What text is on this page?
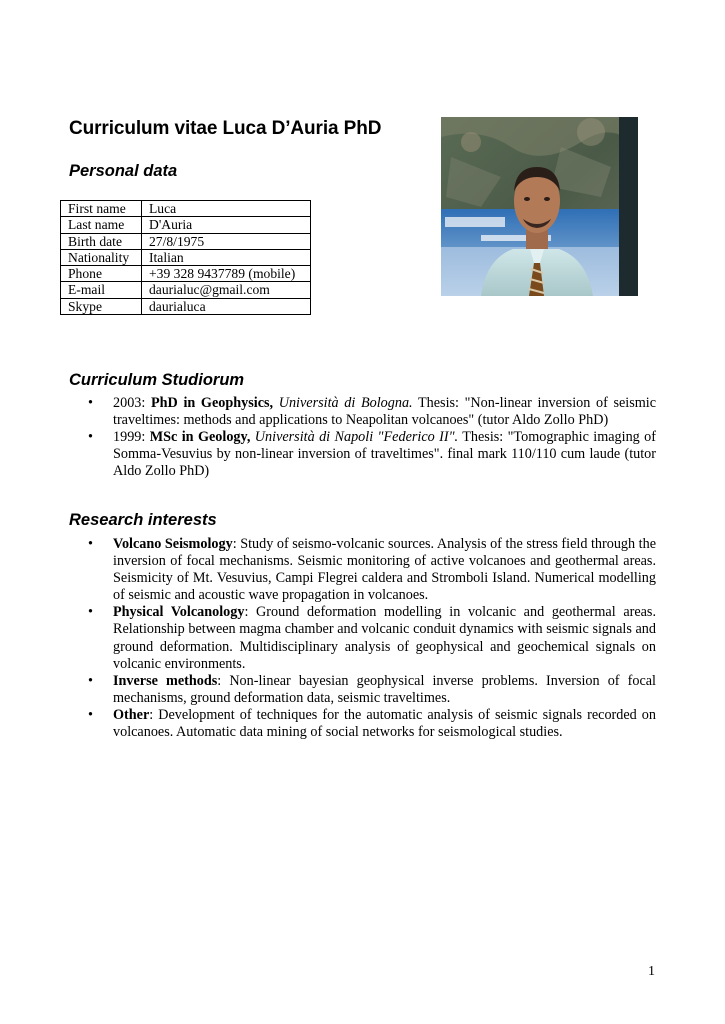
Curriculum vitae Luca D’Auria PhD
Personal data
First name	Luca
Last name	D'Auria
Birth date	27/8/1975
Nationality	Italian
Phone	+39 328 9437789 (mobile)
E-mail	daurialuc@gmail.com
Skype	daurialuca
Curriculum Studiorum
• 2003: PhD in Geophysics, Università di Bologna. Thesis: "Non-linear inversion of seismic traveltimes: methods and applications to Neapolitan volcanoes" (tutor Aldo Zollo PhD)
• 1999: MSc in Geology, Università di Napoli "Federico II". Thesis: "Tomographic imaging of Somma-Vesuvius by non-linear inversion of traveltimes". final mark 110/110 cum laude (tutor Aldo Zollo PhD)
Research interests
• Volcano Seismology: Study of seismo-volcanic sources. Analysis of the stress field through the inversion of focal mechanisms. Seismic monitoring of active volcanoes and geothermal areas. Seismicity of Mt. Vesuvius, Campi Flegrei caldera and Stromboli Island. Numerical modelling of seismic and acoustic wave propagation in volcanoes.
• Physical Volcanology: Ground deformation modelling in volcanic and geothermal areas. Relationship between magma chamber and volcanic conduit dynamics with seismic signals and ground deformation. Multidisciplinary analysis of geophysical and geochemical signals on volcanic environments.
• Inverse methods: Non-linear bayesian geophysical inverse problems. Inversion of focal mechanisms, ground deformation data, seismic traveltimes.
• Other: Development of techniques for the automatic analysis of seismic signals recorded on volcanoes. Automatic data mining of social networks for seismological studies.
1
